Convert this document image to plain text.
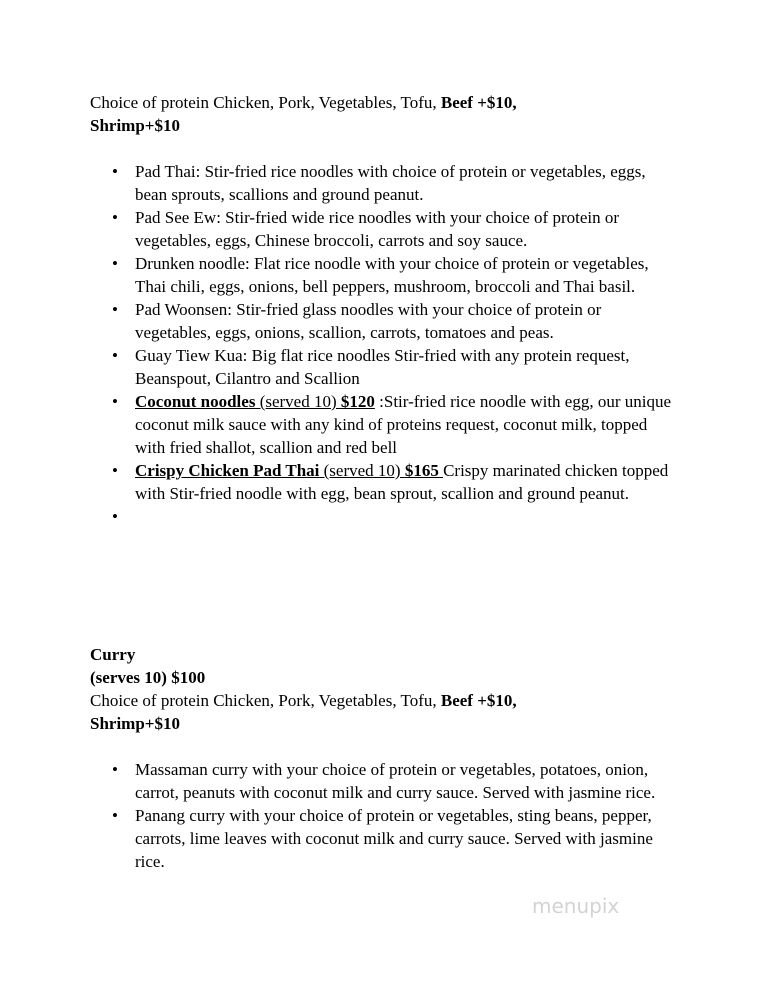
Choice of protein Chicken, Pork, Vegetables, Tofu, Beef +$10,
Shrimp+$10
• Pad Thai: Stir-fried rice noodles with choice of protein or vegetables, eggs, bean sprouts, scallions and ground peanut.
• Pad See Ew: Stir-fried wide rice noodles with your choice of protein or vegetables, eggs, Chinese broccoli, carrots and soy sauce.
• Drunken noodle: Flat rice noodle with your choice of protein or vegetables, Thai chili, eggs, onions, bell peppers, mushroom, broccoli and Thai basil.
• Pad Woonsen: Stir-fried glass noodles with your choice of protein or vegetables, eggs, onions, scallion, carrots, tomatoes and peas.
• Guay Tiew Kua: Big flat rice noodles Stir-fried with any protein request, Beanspout, Cilantro and Scallion
• Coconut noodles (served 10) $120 :Stir-fried rice noodle with egg, our unique coconut milk sauce with any kind of proteins request, coconut milk, topped with fried shallot, scallion and red bell
• Crispy Chicken Pad Thai (served 10) $165 Crispy marinated chicken topped with Stir-fried noodle with egg, bean sprout, scallion and ground peanut.
•

Curry
(serves 10) $100
Choice of protein Chicken, Pork, Vegetables, Tofu, Beef +$10,
Shrimp+$10
• Massaman curry with your choice of protein or vegetables, potatoes, onion, carrot, peanuts with coconut milk and curry sauce. Served with jasmine rice.
• Panang curry with your choice of protein or vegetables, sting beans, pepper, carrots, lime leaves with coconut milk and curry sauce. Served with jasmine rice.
menupix
